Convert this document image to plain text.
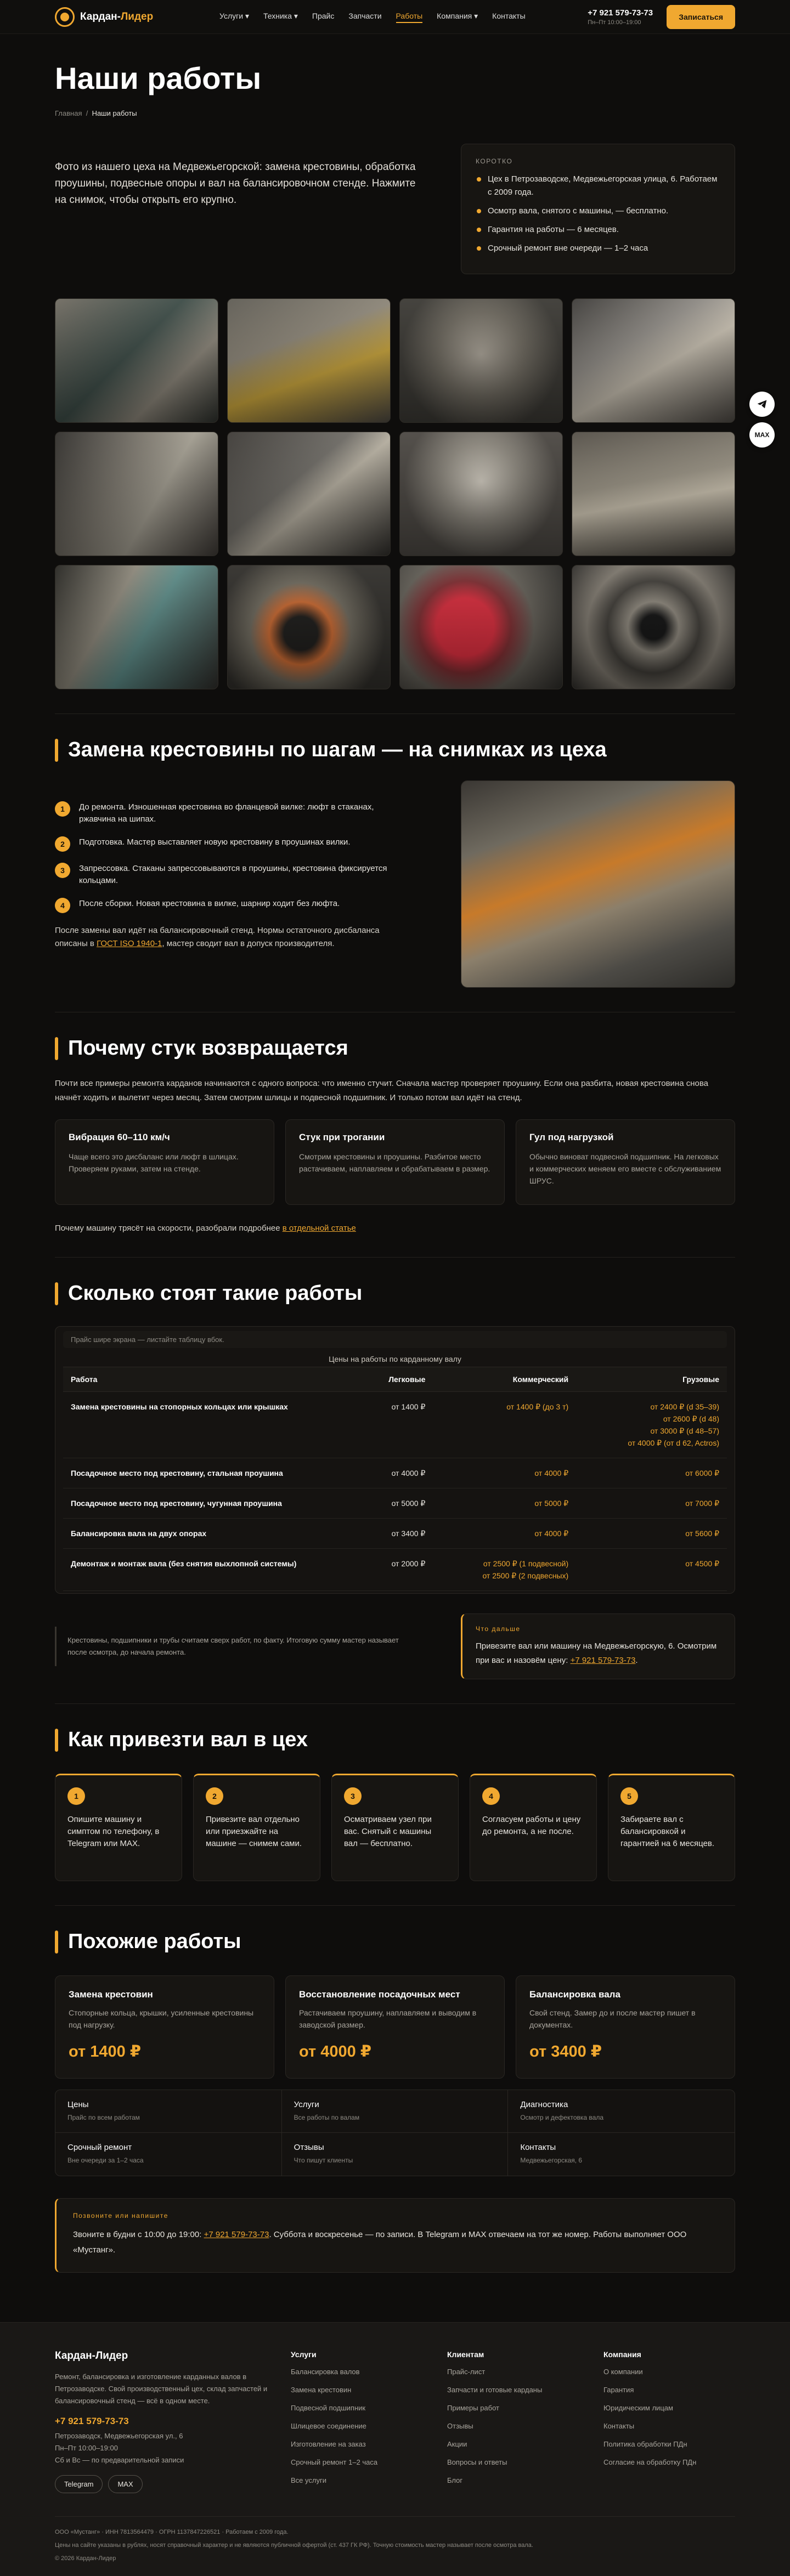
Кардан-Лидер	Услуги ▾ Техника ▾ Прайс Запчасти Работы Компания ▾ Контакты	+7 921 579-73-73
Пн–Пт 10:00–19:00
Записаться
Наши работы
Главная  /  Наши работы

Фото из нашего цеха на Медвежьегорской: замена крестовины, обработка проушины, подвесные опоры и вал на балансировочном стенде. Нажмите на снимок, чтобы открыть его крупно.

КОРОТКО
Цех в Петрозаводске, Медвежьегорская улица, 6. Работаем с 2009 года.
Осмотр вала, снятого с машины, — бесплатно.
Гарантия на работы — 6 месяцев.
Срочный ремонт вне очереди — 1–2 часа
Замена крестовины по шагам — на снимках из цеха
1	До ремонта. Изношенная крестовина во фланцевой вилке: люфт в стаканах, ржавчина на шипах.
2	Подготовка. Мастер выставляет новую крестовину в проушинах вилки.
3	Запрессовка. Стаканы запрессовываются в проушины, крестовина фиксируется кольцами.
4	После сборки. Новая крестовина в вилке, шарнир ходит без люфта.

После замены вал идёт на балансировочный стенд. Нормы остаточного дисбаланса описаны в ГОСТ ISO 1940-1, мастер сводит вал в допуск производителя.

Почему стук возвращается

Почти все примеры ремонта карданов начинаются с одного вопроса: что именно стучит. Сначала мастер проверяет проушину. Если она разбита, новая крестовина снова начнёт ходить и вылетит через месяц. Затем смотрим шлицы и подвесной подшипник. И только потом вал идёт на стенд.

Вибрация 60–110 км/ч

Чаще всего это дисбаланс или люфт в шлицах. Проверяем руками, затем на стенде.

Стук при трогании

Смотрим крестовины и проушины. Разбитое место растачиваем, наплавляем и обрабатываем в размер.

Гул под нагрузкой

Обычно виноват подвесной подшипник. На легковых и коммерческих меняем его вместе с обслуживанием ШРУС.

Почему машину трясёт на скорости, разобрали подробнее в отдельной статье

Сколько стоят такие работы
Прайс шире экрана — листайте таблицу вбок.
Цены на работы по карданному валу
Работа	Легковые	Коммерческий	Грузовые
Замена крестовины на стопорных кольцах или крышках	от 1400 ₽	от 1400 ₽ (до 3 т)	от 2400 ₽ (d 35–39)
от 2600 ₽ (d 48)
от 3000 ₽ (d 48–57)
от 4000 ₽ (от d 62, Actros)

Посадочное место под крестовину, стальная проушина	от 4000 ₽	от 4000 ₽	от 6000 ₽

Посадочное место под крестовину, чугунная проушина	от 5000 ₽	от 5000 ₽	от 7000 ₽

Балансировка вала на двух опорах	от 3400 ₽	от 4000 ₽	от 5600 ₽

Демонтаж и монтаж вала (без снятия выхлопной системы)	от 2000 ₽	от 2500 ₽ (1 подвесной)
от 2500 ₽ (2 подвесных)	от 4500 ₽

Крестовины, подшипники и трубы считаем сверх работ, по факту. Итоговую сумму мастер называет после осмотра, до начала ремонта.

Что дальше

Привезите вал или машину на Медвежьегорскую, 6. Осмотрим при вас и назовём цену: +7 921 579-73-73.

Как привезти вал в цех
1

Опишите машину и симптом по телефону, в Telegram или MAX.

2

Привезите вал отдельно или приезжайте на машине — снимем сами.

3

Осматриваем узел при вас. Снятый с машины вал — бесплатно.

4

Согласуем работы и цену до ремонта, а не после.

5

Забираете вал с балансировкой и гарантией на 6 месяцев.

Похожие работы
Замена крестовин

Стопорные кольца, крышки, усиленные крестовины под нагрузку.

от 1400 ₽
Восстановление посадочных мест

Растачиваем проушину, наплавляем и выводим в заводской размер.

от 4000 ₽
Балансировка вала

Свой стенд. Замер до и после мастер пишет в документах.

от 3400 ₽
Цены
Прайс по всем работам
Услуги
Все работы по валам
Диагностика
Осмотр и дефектовка вала
Срочный ремонт
Вне очереди за 1–2 часа
Отзывы
Что пишут клиенты
Контакты
Медвежьегорская, 6
Позвоните или напишите

Звоните в будни с 10:00 до 19:00: +7 921 579-73-73. Суббота и воскресенье — по записи. В Telegram и MAX отвечаем на тот же номер. Работы выполняет ООО «Мустанг».

MAX
Кардан-Лидер

Ремонт, балансировка и изготовление карданных валов в Петрозаводске. Свой производственный цех, склад запчастей и балансировочный стенд — всё в одном месте.

+7 921 579-73-73
Петрозаводск, Медвежьегорская ул., 6
Пн–Пт 10:00–19:00
Сб и Вс — по предварительной записи
Telegram	MAX
Услуги
Балансировка валов
Замена крестовин
Подвесной подшипник
Шлицевое соединение
Изготовление на заказ
Срочный ремонт 1–2 часа
Все услуги
Клиентам
Прайс-лист
Запчасти и готовые карданы
Примеры работ
Отзывы
Акции
Вопросы и ответы
Блог
Компания
О компании
Гарантия
Юридическим лицам
Контакты
Политика обработки ПДн
Согласие на обработку ПДн
ООО «Мустанг» · ИНН 7813564479 · ОГРН 1137847226521 · Работаем с 2009 года.
Цены на сайте указаны в рублях, носят справочный характер и не являются публичной офертой (ст. 437 ГК РФ). Точную стоимость мастер называет после осмотра вала.
© 2026 Кардан-Лидер
